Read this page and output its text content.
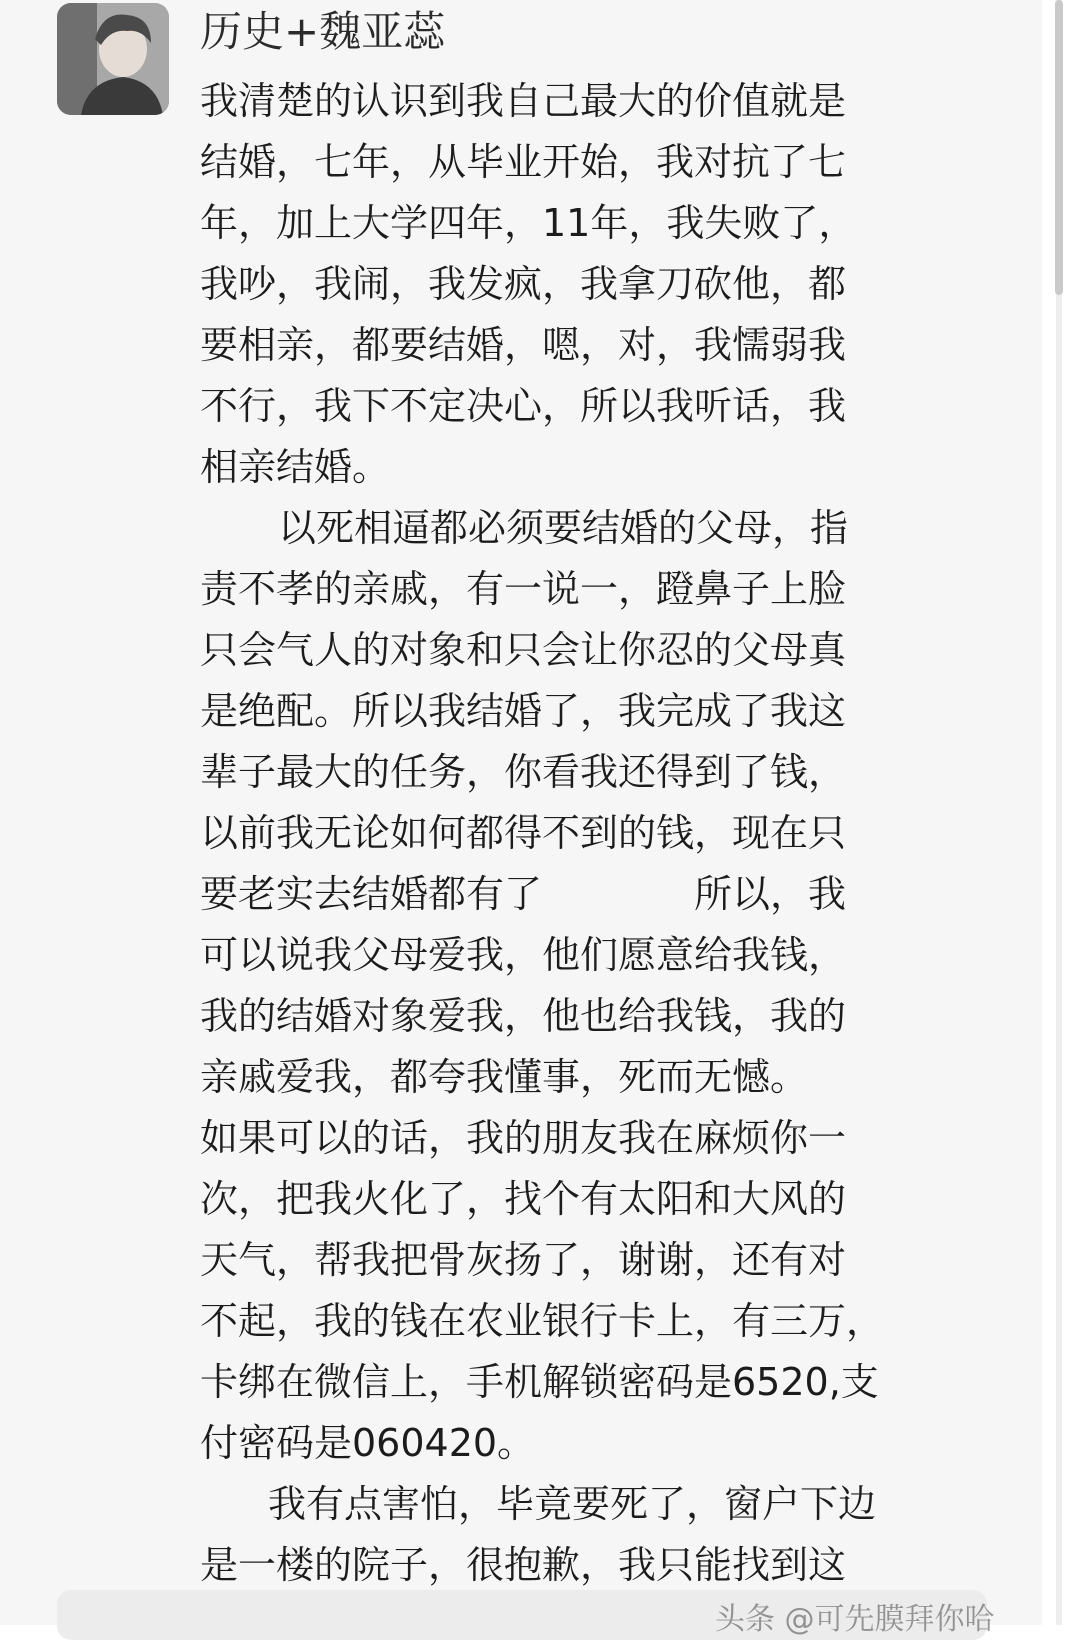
历史+魏亚蕊
我清楚的认识到我自己最大的价值就是
结婚，七年，从毕业开始，我对抗了七
年，加上大学四年，11年，我失败了，
我吵，我闹，我发疯，我拿刀砍他，都
要相亲，都要结婚，嗯，对，我懦弱我
不行，我下不定决心，所以我听话，我
相亲结婚。
以死相逼都必须要结婚的父母，指
责不孝的亲戚，有一说一，蹬鼻子上脸
只会气人的对象和只会让你忍的父母真
是绝配。所以我结婚了，我完成了我这
辈子最大的任务，你看我还得到了钱，
以前我无论如何都得不到的钱，现在只
要老实去结婚都有了　　　　所以，我
可以说我父母爱我，他们愿意给我钱，
我的结婚对象爱我，他也给我钱，我的
亲戚爱我，都夸我懂事，死而无憾。
如果可以的话，我的朋友我在麻烦你一
次，把我火化了，找个有太阳和大风的
天气，帮我把骨灰扬了，谢谢，还有对
不起，我的钱在农业银行卡上，有三万，
卡绑在微信上，手机解锁密码是6520,支
付密码是060420。
我有点害怕，毕竟要死了，窗户下边
是一楼的院子，很抱歉，我只能找到这
头条 @可先膜拜你哈
